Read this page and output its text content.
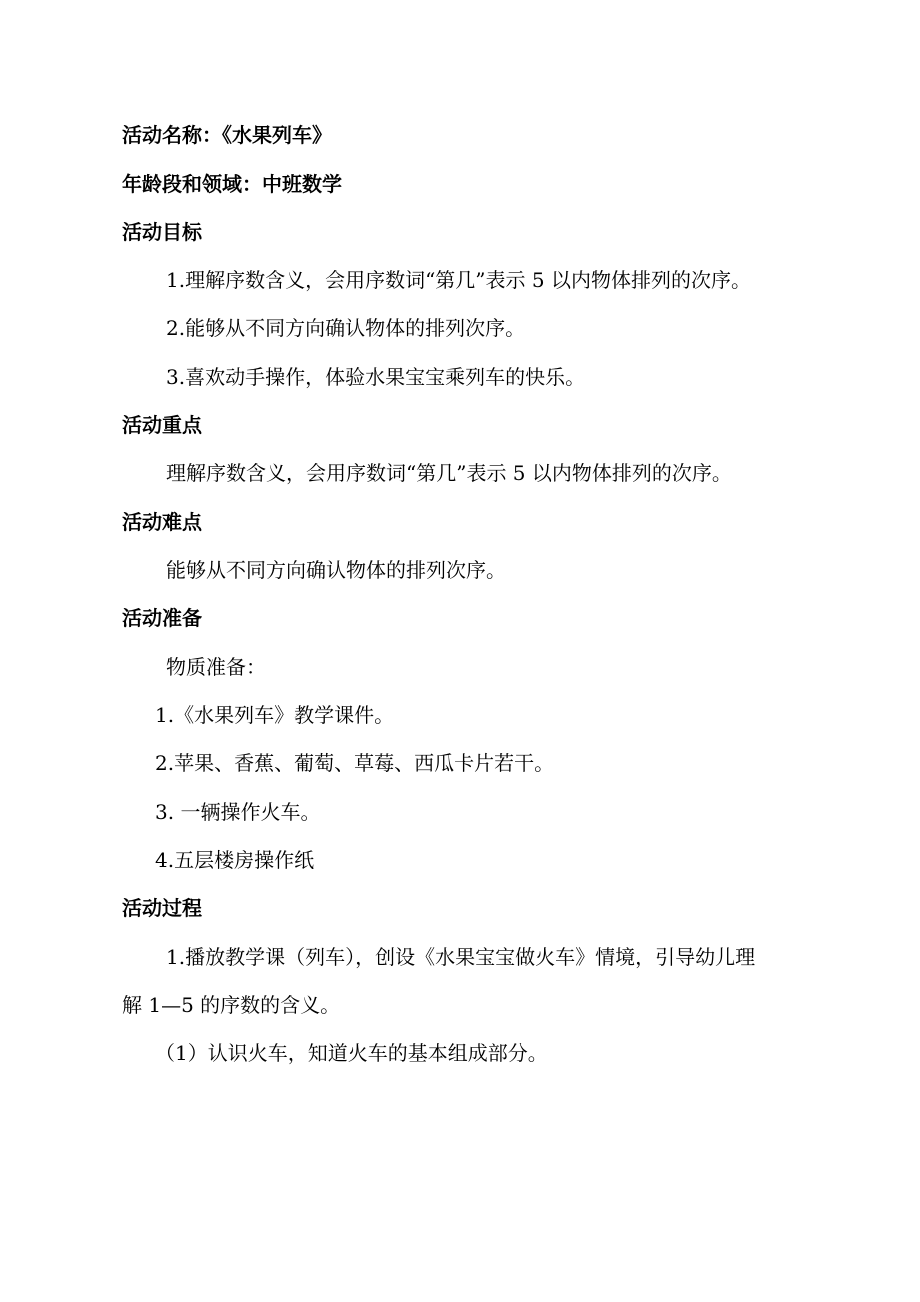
活动名称：《水果列车》
年龄段和领域：中班数学
活动目标
1.理解序数含义，会用序数词“第几”表示 5 以内物体排列的次序。
2.能够从不同方向确认物体的排列次序。
3.喜欢动手操作，体验水果宝宝乘列车的快乐。
活动重点
理解序数含义，会用序数词“第几”表示 5 以内物体排列的次序。
活动难点
能够从不同方向确认物体的排列次序。
活动准备
物质准备：
1.《水果列车》教学课件。
2.苹果、香蕉、葡萄、草莓、西瓜卡片若干。
3. 一辆操作火车。
4.五层楼房操作纸
活动过程
1.播放教学课（列车），创设《水果宝宝做火车》情境，引导幼儿理
解 1—5 的序数的含义。
（1）认识火车，知道火车的基本组成部分。
